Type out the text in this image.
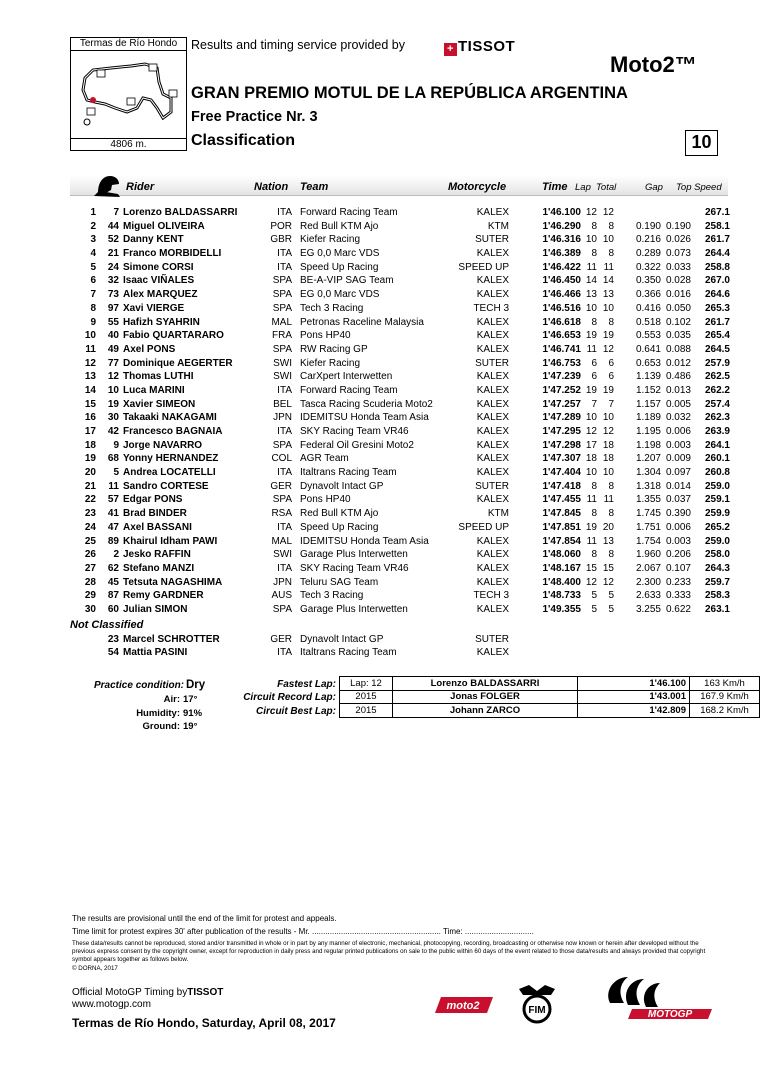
Termas de Río Hondo
4806 m.
Results and timing service provided by	+ TISSOT
Moto2™
GRAN PREMIO MOTUL DE LA REPÚBLICA ARGENTINA
Free Practice Nr. 3
Classification	10
Rider	Nation Team	Motorcycle	Time Lap Total	Gap Top Speed
1	7 Lorenzo BALDASSARRI	ITA Forward Racing Team	KALEX	1'46.100 12 12	267.1
2	44 Miguel OLIVEIRA	POR Red Bull KTM Ajo	KTM	1'46.290	8	8	0.190 0.190	258.1
3	52 Danny KENT	GBR Kiefer Racing	SUTER	1'46.316 10 10	0.216 0.026	261.7
4	21 Franco MORBIDELLI	ITA EG 0,0 Marc VDS	KALEX	1'46.389	8	8	0.289 0.073	264.4
5	24 Simone CORSI	ITA Speed Up Racing	SPEED UP	1'46.422 11 11	0.322 0.033	258.8
6	32 Isaac VIÑALES	SPA BE-A-VIP SAG Team	KALEX	1'46.450 14 14	0.350 0.028	267.0
7	73 Alex MARQUEZ	SPA EG 0,0 Marc VDS	KALEX	1'46.466 13 13	0.366 0.016	264.6
8	97 Xavi VIERGE	SPA Tech 3 Racing	TECH 3	1'46.516 10 10	0.416 0.050	265.3
9	55 Hafizh SYAHRIN	MAL Petronas Raceline Malaysia	KALEX	1'46.618	8	8	0.518 0.102	261.7
10	40 Fabio QUARTARARO	FRA Pons HP40	KALEX	1'46.653 19 19	0.553 0.035	265.4
11	49 Axel PONS	SPA RW Racing GP	KALEX	1'46.741 11 12	0.641 0.088	264.5
12	77 Dominique AEGERTER	SWI Kiefer Racing	SUTER	1'46.753	6	6	0.653 0.012	257.9
13	12 Thomas LUTHI	SWI CarXpert Interwetten	KALEX	1'47.239	6	6	1.139 0.486	262.5
14	10 Luca MARINI	ITA Forward Racing Team	KALEX	1'47.252 19 19	1.152 0.013	262.2
15	19 Xavier SIMEON	BEL Tasca Racing Scuderia Moto2	KALEX	1'47.257	7	7	1.157 0.005	257.4
16	30 Takaaki NAKAGAMI	JPN IDEMITSU Honda Team Asia	KALEX	1'47.289 10 10	1.189 0.032	262.3
17	42 Francesco BAGNAIA	ITA SKY Racing Team VR46	KALEX	1'47.295 12 12	1.195 0.006	263.9
18	9 Jorge NAVARRO	SPA Federal Oil Gresini Moto2	KALEX	1'47.298 17 18	1.198 0.003	264.1
19	68 Yonny HERNANDEZ	COL AGR Team	KALEX	1'47.307 18 18	1.207 0.009	260.1
20	5 Andrea LOCATELLI	ITA Italtrans Racing Team	KALEX	1'47.404 10 10	1.304 0.097	260.8
21	11 Sandro CORTESE	GER Dynavolt Intact GP	SUTER	1'47.418	8	8	1.318 0.014	259.0
22	57 Edgar PONS	SPA Pons HP40	KALEX	1'47.455 11 11	1.355 0.037	259.1
23	41 Brad BINDER	RSA Red Bull KTM Ajo	KTM	1'47.845	8	8	1.745 0.390	259.9
24	47 Axel BASSANI	ITA Speed Up Racing	SPEED UP	1'47.851 19 20	1.751 0.006	265.2
25	89 Khairul Idham PAWI	MAL IDEMITSU Honda Team Asia	KALEX	1'47.854 11 13	1.754 0.003	259.0
26	2 Jesko RAFFIN	SWI Garage Plus Interwetten	KALEX	1'48.060	8	8	1.960 0.206	258.0
27	62 Stefano MANZI	ITA SKY Racing Team VR46	KALEX	1'48.167 15 15	2.067 0.107	264.3
28	45 Tetsuta NAGASHIMA	JPN Teluru SAG Team	KALEX	1'48.400 12 12	2.300 0.233	259.7
29	87 Remy GARDNER	AUS Tech 3 Racing	TECH 3	1'48.733	5	5	2.633 0.333	258.3
30	60 Julian SIMON	SPA Garage Plus Interwetten	KALEX	1'49.355	5	5	3.255 0.622	263.1
Not Classified
23 Marcel SCHROTTER	GER Dynavolt Intact GP	SUTER
54 Mattia PASINI	ITA Italtrans Racing Team	KALEX
Practice condition: Dry
Air: 17°
Humidity: 91%
Ground: 19°
Fastest Lap:
Circuit Record Lap:
Circuit Best Lap:
Lap: 12	Lorenzo BALDASSARRI	1'46.100	163 Km/h
2015	Jonas FOLGER	1'43.001	167.9 Km/h
2015	Johann ZARCO	1'42.809	168.2 Km/h
The results are provisional until the end of the limit for protest and appeals.
Time limit for protest expires 30' after publication of the results - Mr. .......................................................... Time: ...............................
These data/results cannot be reproduced, stored and/or transmitted in whole or in part by any manner of electronic, mechanical, photocopying, recording, broadcasting or otherwise now known or herein after developed without the previous express consent by the copyright owner, except for reproduction in daily press and regular printed publications on sale to the public within 60 days of the event related to those data/results and always provided that copyright symbol appears together as follows below.
© DORNA, 2017
Official MotoGP Timing byTISSOT
www.motogp.com
Termas de Río Hondo, Saturday, April 08, 2017
moto2	FIM	MOTOGP
